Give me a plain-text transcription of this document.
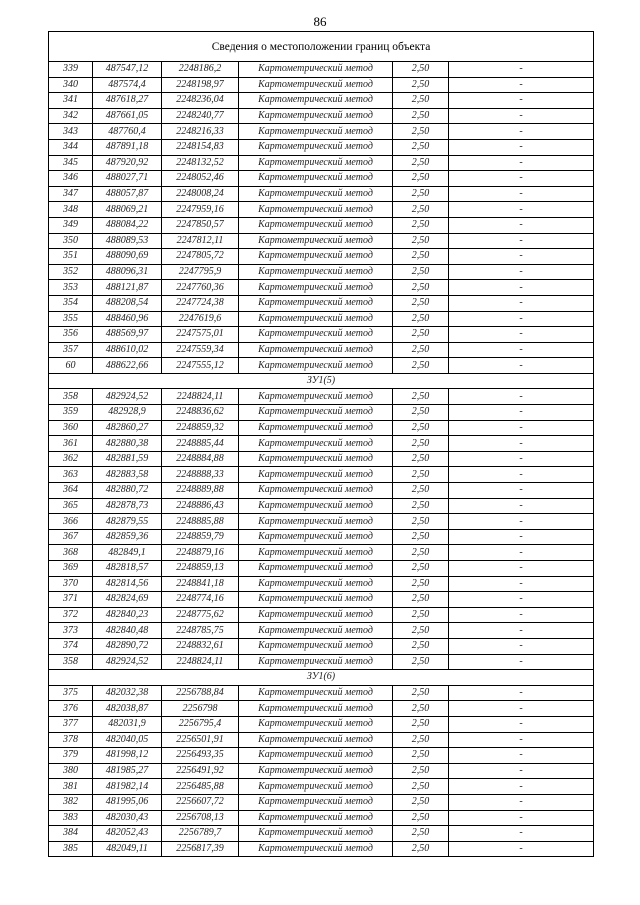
86
Сведения о местоположении границ объекта					
339	487547,12	2248186,2	Картометрический метод	2,50	-
340	487574,4	2248198,97	Картометрический метод	2,50	-
341	487618,27	2248236,04	Картометрический метод	2,50	-
342	487661,05	2248240,77	Картометрический метод	2,50	-
343	487760,4	2248216,33	Картометрический метод	2,50	-
344	487891,18	2248154,83	Картометрический метод	2,50	-
345	487920,92	2248132,52	Картометрический метод	2,50	-
346	488027,71	2248052,46	Картометрический метод	2,50	-
347	488057,87	2248008,24	Картометрический метод	2,50	-
348	488069,21	2247959,16	Картометрический метод	2,50	-
349	488084,22	2247850,57	Картометрический метод	2,50	-
350	488089,53	2247812,11	Картометрический метод	2,50	-
351	488090,69	2247805,72	Картометрический метод	2,50	-
352	488096,31	2247795,9	Картометрический метод	2,50	-
353	488121,87	2247760,36	Картометрический метод	2,50	-
354	488208,54	2247724,38	Картометрический метод	2,50	-
355	488460,96	2247619,6	Картометрический метод	2,50	-
356	488569,97	2247575,01	Картометрический метод	2,50	-
357	488610,02	2247559,34	Картометрический метод	2,50	-
60	488622,66	2247555,12	Картометрический метод	2,50	-
ЗУ1(5)					
358	482924,52	2248824,11	Картометрический метод	2,50	-
359	482928,9	2248836,62	Картометрический метод	2,50	-
360	482860,27	2248859,32	Картометрический метод	2,50	-
361	482880,38	2248885,44	Картометрический метод	2,50	-
362	482881,59	2248884,88	Картометрический метод	2,50	-
363	482883,58	2248888,33	Картометрический метод	2,50	-
364	482880,72	2248889,88	Картометрический метод	2,50	-
365	482878,73	2248886,43	Картометрический метод	2,50	-
366	482879,55	2248885,88	Картометрический метод	2,50	-
367	482859,36	2248859,79	Картометрический метод	2,50	-
368	482849,1	2248879,16	Картометрический метод	2,50	-
369	482818,57	2248859,13	Картометрический метод	2,50	-
370	482814,56	2248841,18	Картометрический метод	2,50	-
371	482824,69	2248774,16	Картометрический метод	2,50	-
372	482840,23	2248775,62	Картометрический метод	2,50	-
373	482840,48	2248785,75	Картометрический метод	2,50	-
374	482890,72	2248832,61	Картометрический метод	2,50	-
358	482924,52	2248824,11	Картометрический метод	2,50	-
ЗУ1(6)					
375	482032,38	2256788,84	Картометрический метод	2,50	-
376	482038,87	2256798	Картометрический метод	2,50	-
377	482031,9	2256795,4	Картометрический метод	2,50	-
378	482040,05	2256501,91	Картометрический метод	2,50	-
379	481998,12	2256493,35	Картометрический метод	2,50	-
380	481985,27	2256491,92	Картометрический метод	2,50	-
381	481982,14	2256485,88	Картометрический метод	2,50	-
382	481995,06	2256607,72	Картометрический метод	2,50	-
383	482030,43	2256708,13	Картометрический метод	2,50	-
384	482052,43	2256789,7	Картометрический метод	2,50	-
385	482049,11	2256817,39	Картометрический метод	2,50	-
